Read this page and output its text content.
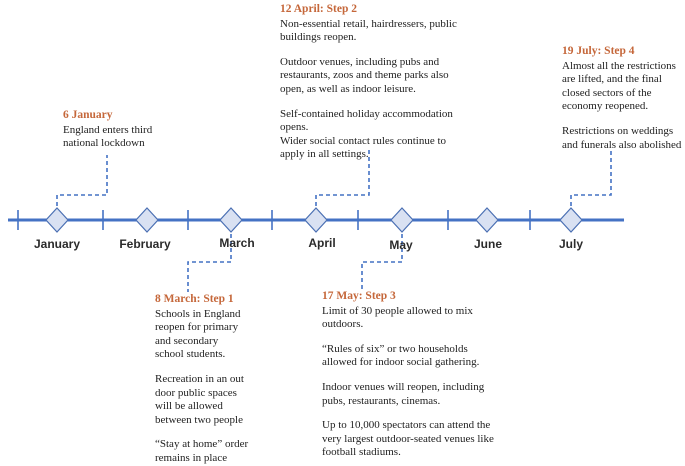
January	February	March	April	May	June	July
6 January
England enters third
national lockdown
8 March: Step 1
Schools in England
reopen for primary
and secondary
school students.
Recreation in an out
door public spaces
will be allowed
between two people
“Stay at home” order
remains in place
12 April: Step 2
Non-essential retail, hairdressers, public
buildings reopen.
Outdoor venues, including pubs and
restaurants, zoos and theme parks also
open, as well as indoor leisure.
Self-contained holiday accommodation
opens.
Wider social contact rules continue to
apply in all settings.
17 May: Step 3
Limit of 30 people allowed to mix
outdoors.
“Rules of six” or two households
allowed for indoor social gathering.
Indoor venues will reopen, including
pubs, restaurants, cinemas.
Up to 10,000 spectators can attend the
very largest outdoor-seated venues like
football stadiums.
19 July: Step 4
Almost all the restrictions
are lifted, and the final
closed sectors of the
economy reopened.
Restrictions on weddings
and funerals also abolished
